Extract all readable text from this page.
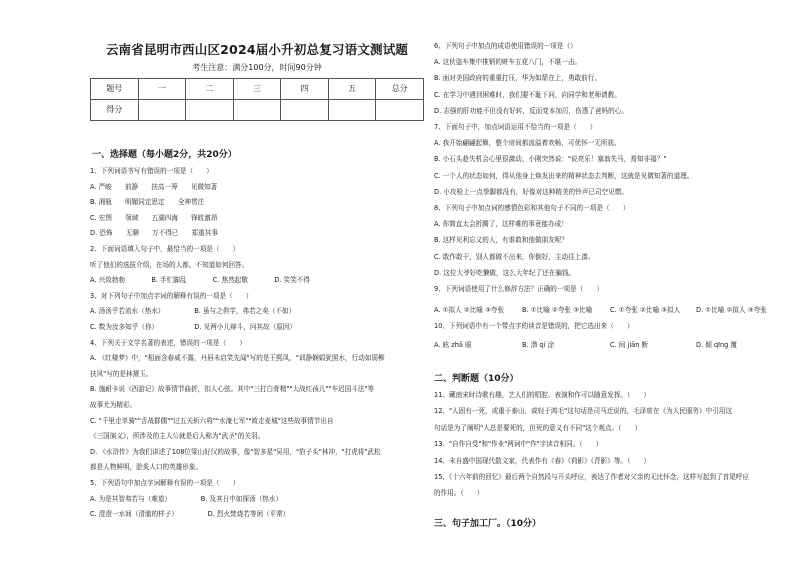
云南省昆明市西山区2024届小升初总复习语文测试题
考生注意：满分100分，时间90分钟
题号	一	二	三	四	五	总分
得分						
一、选择题（每小题2分，共20分）
1、下列词语书写有错误的一项是（　　）
A. 严峻　　前静　　扶高一筹　　见微知著
B. 湘瓶　　明媚同定思定　　全神贯注
C. 宏图　　领域　　五湖四海　　锋眈激昂
D. 恐怖　　无聊　　万不得已　　郑重其事
2、下面词语填入句子中，最恰当的一项是（　　）
听了他们的选拔介绍，在场的人都，不知道如何回答。
A. 兴致勃勃　　　　B. 手忙脚乱　　　　C. 焦然起敬　　　　D. 笑笑不得
3、对下列句子中加点字词的解释有误的一项是（　　）
A. 汤汤乎若流水（热水）　　　　　B. 虽与之俱学，弗若之矣（不如）
C. 数为汝多知乎（你）　　　　　　D. 见两小儿辩斗，问其故（原因）
4、下列关于文学名著的表述，错误的一项是（　　）
A. 《红楼梦》中，"相面含春威不露，丹唇未启笑先闻"写的是王熙凤，"训静娴娟犹照水，行动如弱柳
扶风"写的是林黛玉。
B. 施耐卡说《西游记》故事情节曲折，扣人心弦。其中"三打白骨精""大战红孩儿""车迟国斗法"等
故事尤为精彩。
C. "千里走单骑""舌战群儒""过五关斩六将""水淹七军""败走麦城"这些故事情节出自
《三国演义》，所涉及的主人公就是后人称为"武圣"的关羽。
D. 《水浒传》为我们讲述了108位梁山好汉的故事，像"智多星"吴用，"豹子头"林冲，"打虎将"武松
都是人物鲜明，脍炙人口的英雄形象。
5、下列语句中加点字词解释有误的一项是（　　）
A. 为是其智弗若与（难道）　　　　　B. 及其日中如探汤（热水）
C. 澄澄一水间（清澈的样子）　　　　　D. 烈火焚烧若等闲（平常）
6、下列句子中加点的成语使用错误的一项是（）
A. 这伙盗车集中推销的赃车五花八门，不堪一击。
B. 面对美国政府的重重打压，华为如箭在上，勇敢前行。
C. 在学习中遇到困难时，我们要不耻下问，向同学和老师请教。
D. 志强的肝功能不但没有好转，反而变本加厉，伤透了爸妈的心。
7、下面句子中，加点词语运用不恰当的一项是（　　）
A. 我开始翩翩起舞，整个房间都流溢着欢畅，可优怀一无所获。
B. 小石头趁失机会心里很激动，小刚突然说："说亮乐！塞翁失马，焉知非福？"
C. 一个人的状态如何，得从他身上焕发出来的精神状态去判断，这就是见微知著的道理。
D. 小攻检上一点拳脚都没有，好像对这种精美的铃声已司空见惯。
8、下列句子中加点词的感情色彩和其他句子不同的一项是（　　）
A. 你简直太会折腾了，这样难的事竟能办成！
B. 这样见利忘义的人，有谁敢和他做朋友呢？
C. 敢作敢干，别人都做不出来，你倒好，主动往上凑。
D. 这位大爷好吃懒做，这么大年纪了还在骗钱。
9、下列词语使用了什么修辞方法？正确的一项是（　　）
A. ①拟人 ②比喻 ③夸张	B. ①比喻 ②夸张 ③比喻	C. ①夸张 ②比喻 ③拟人 D. ①比喻 ②拟人 ③夸张
10、下列词语中有一个带点字的读音是错误的，把它选出来（　　）
A. 眩 zhā 眼	B. 潜 qí 涂	C. 间 jiān 断	D. 倾 qīng 覆
二、判断题（10分）
11、藏南宋时诗歌有趣，艺人们的唱腔、表演和作可以随意发挥。（　　）
12、"人固有一死，或重于泰山，或轻于鸿毛"这句话是司马迁说的。毛泽席在《为人民服务》中引用这
句话是为了阐明"人总是要死的，但死的意义有不同"这个观点。（　　）
13、"自作自受"和"作业"两词中"作"字读音相同。（　　）
14、未自盛中国现代散文家，代表作有《春》《荷影》《背影》等。（　　）
15、《十六年前的回忆》最后两个自然段与开头呼应，表达了作者对父亲的无比怀念，这样写起到了首尾呼应
的作用。（　　）
三、句子加工厂。（10分）
